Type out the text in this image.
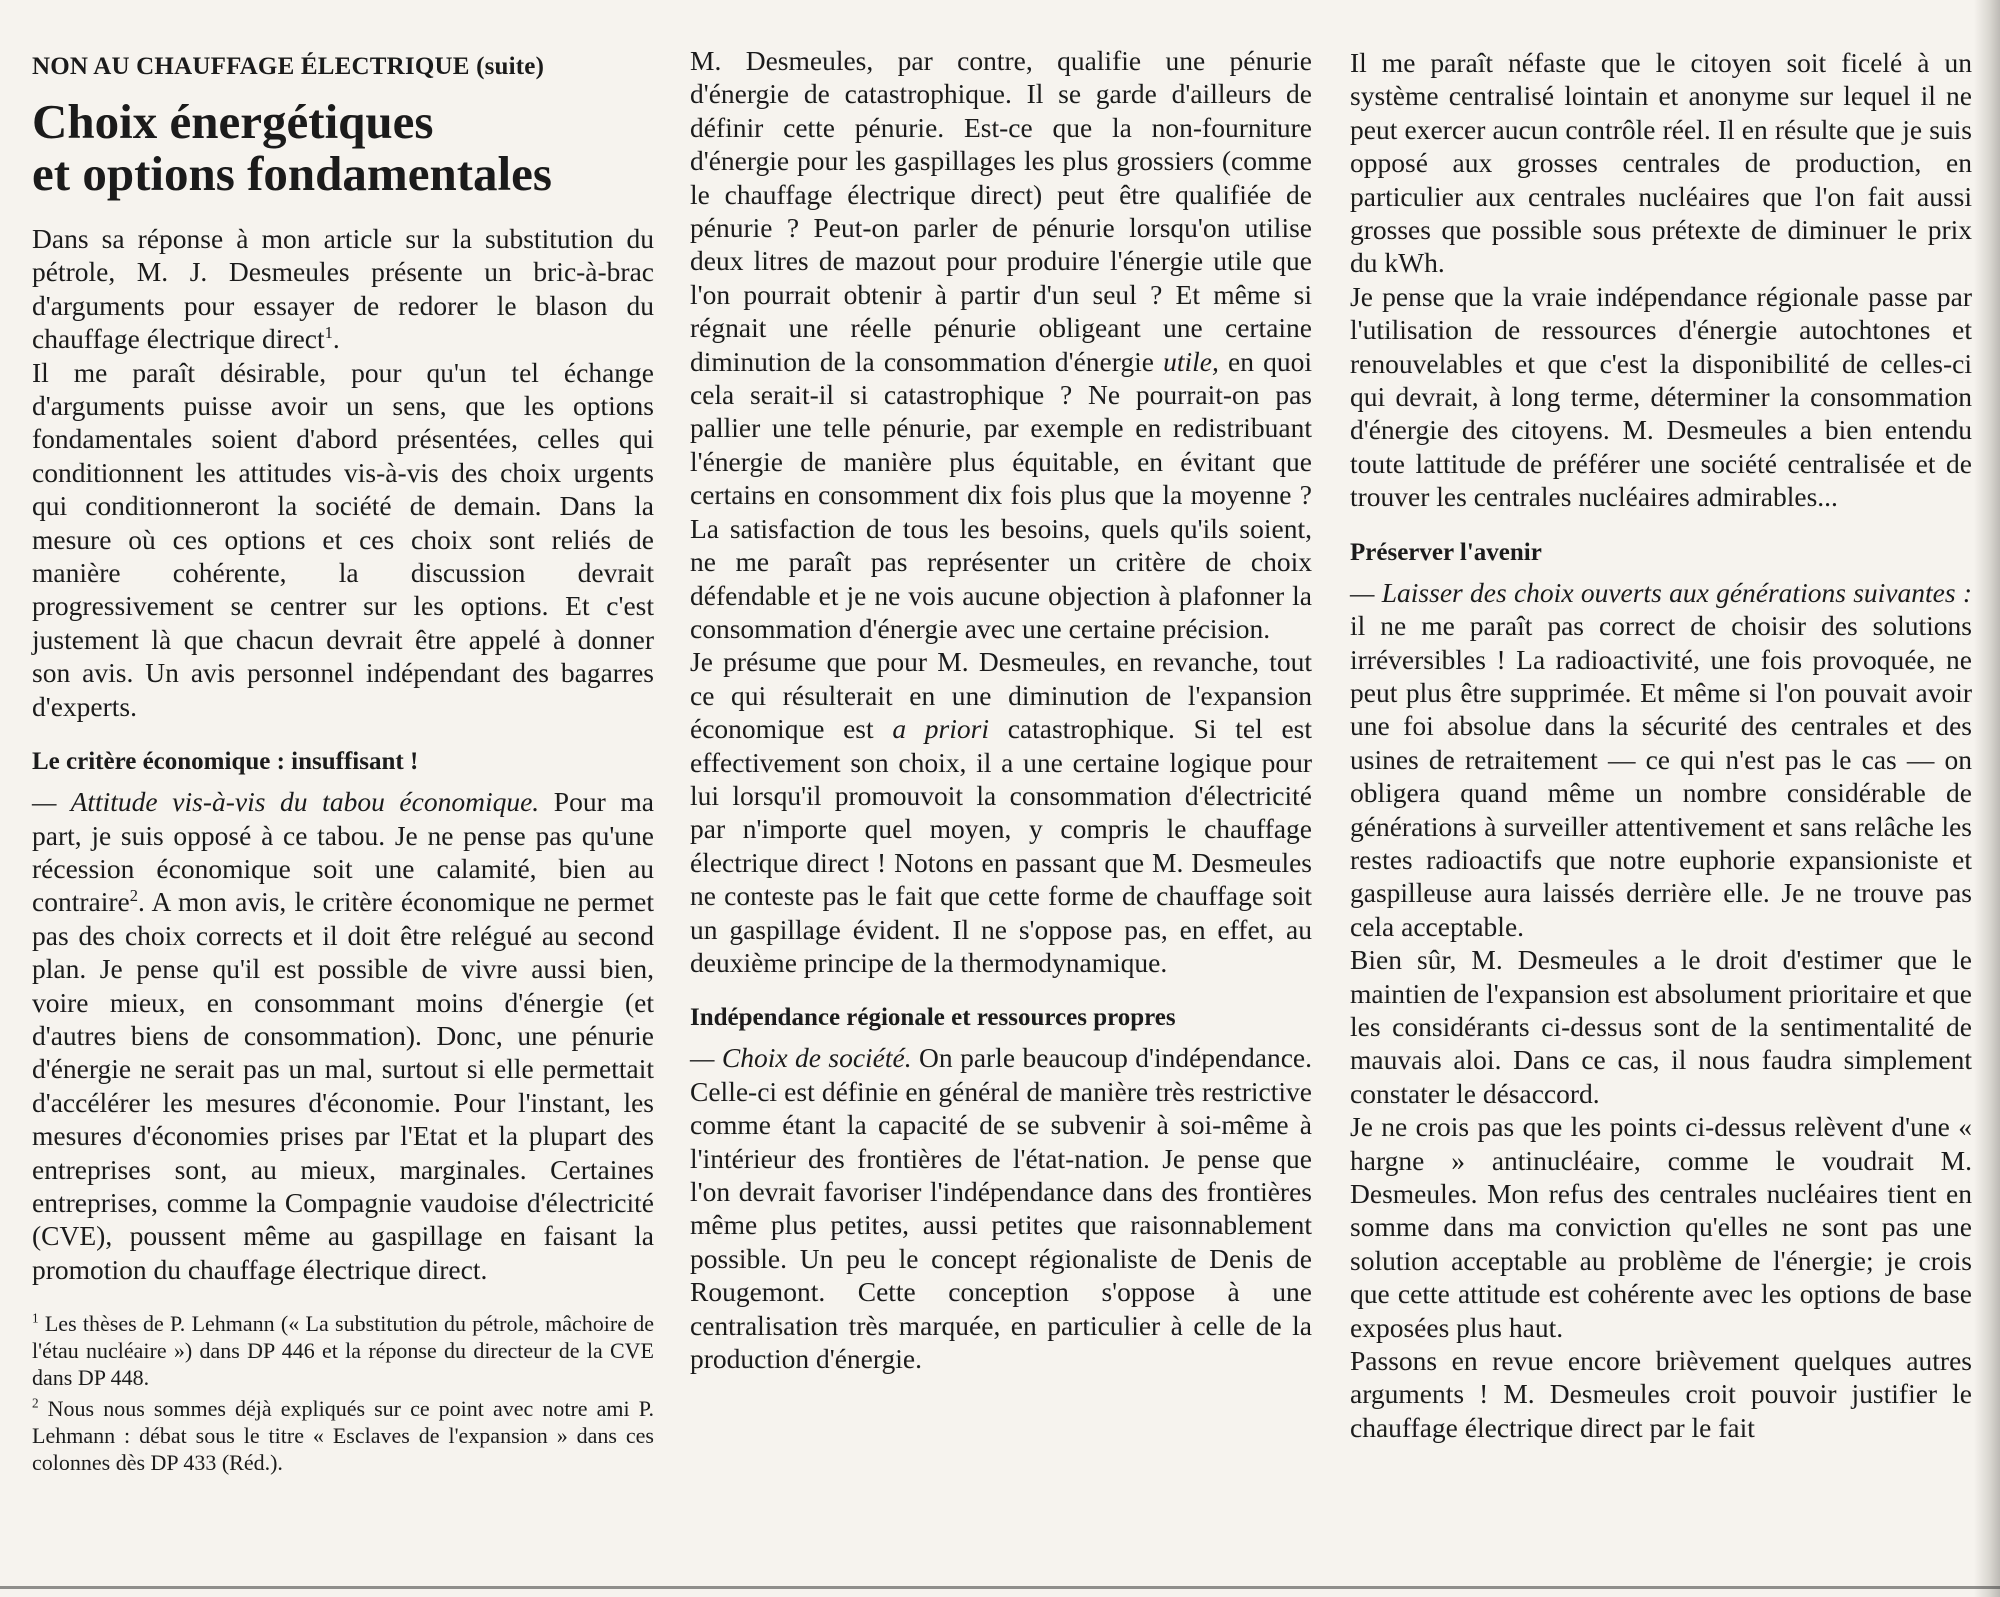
NON AU CHAUFFAGE ÉLECTRIQUE (suite)
Choix énergétiques
et options fondamentales

Dans sa réponse à mon article sur la substitution du pétrole, M. J. Desmeules présente un bric-à-brac d'arguments pour essayer de redorer le blason du chauffage électrique direct$^1$.

Il me paraît désirable, pour qu'un tel échange d'arguments puisse avoir un sens, que les options fondamentales soient d'abord présentées, celles qui conditionnent les attitudes vis-à-vis des choix urgents qui conditionneront la société de demain. Dans la mesure où ces options et ces choix sont reliés de manière cohérente, la discussion devrait progressivement se centrer sur les options. Et c'est justement là que chacun devrait être appelé à donner son avis. Un avis personnel indépendant des bagarres d'experts.

Le critère économique : insuffisant !

— Attitude vis-à-vis du tabou économique. Pour ma part, je suis opposé à ce tabou. Je ne pense pas qu'une récession économique soit une calamité, bien au contraire$^2$. A mon avis, le critère économique ne permet pas des choix corrects et il doit être relégué au second plan. Je pense qu'il est possible de vivre aussi bien, voire mieux, en consommant moins d'énergie (et d'autres biens de consommation). Donc, une pénurie d'énergie ne serait pas un mal, surtout si elle permettait d'accélérer les mesures d'économie. Pour l'instant, les mesures d'économies prises par l'Etat et la plupart des entreprises sont, au mieux, marginales. Certaines entreprises, comme la Compagnie vaudoise d'électricité (CVE), poussent même au gaspillage en faisant la promotion du chauffage électrique direct.

$^1$ Les thèses de P. Lehmann (« La substitution du pétrole, mâchoire de l'étau nucléaire ») dans DP 446 et la réponse du directeur de la CVE dans DP 448.

$^2$ Nous nous sommes déjà expliqués sur ce point avec notre ami P. Lehmann : débat sous le titre « Esclaves de l'expansion » dans ces colonnes dès DP 433 (Réd.).

M. Desmeules, par contre, qualifie une pénurie d'énergie de catastrophique. Il se garde d'ailleurs de définir cette pénurie. Est-ce que la non-fourniture d'énergie pour les gaspillages les plus grossiers (comme le chauffage électrique direct) peut être qualifiée de pénurie ? Peut-on parler de pénurie lorsqu'on utilise deux litres de mazout pour produire l'énergie utile que l'on pourrait obtenir à partir d'un seul ? Et même si régnait une réelle pénurie obligeant une certaine diminution de la consommation d'énergie utile, en quoi cela serait-il si catastrophique ? Ne pourrait-on pas pallier une telle pénurie, par exemple en redistribuant l'énergie de manière plus équitable, en évitant que certains en consomment dix fois plus que la moyenne ? La satisfaction de tous les besoins, quels qu'ils soient, ne me paraît pas représenter un critère de choix défendable et je ne vois aucune objection à plafonner la consommation d'énergie avec une certaine précision.

Je présume que pour M. Desmeules, en revanche, tout ce qui résulterait en une diminution de l'expansion économique est a priori catastrophique. Si tel est effectivement son choix, il a une certaine logique pour lui lorsqu'il promouvoit la consommation d'électricité par n'importe quel moyen, y compris le chauffage électrique direct ! Notons en passant que M. Desmeules ne conteste pas le fait que cette forme de chauffage soit un gaspillage évident. Il ne s'oppose pas, en effet, au deuxième principe de la thermodynamique.

Indépendance régionale et ressources propres

— Choix de société. On parle beaucoup d'indépendance. Celle-ci est définie en général de manière très restrictive comme étant la capacité de se subvenir à soi-même à l'intérieur des frontières de l'état-nation. Je pense que l'on devrait favoriser l'indépendance dans des frontières même plus petites, aussi petites que raisonnablement possible. Un peu le concept régionaliste de Denis de Rougemont. Cette conception s'oppose à une centralisation très marquée, en particulier à celle de la production d'énergie.

Il me paraît néfaste que le citoyen soit ficelé à un système centralisé lointain et anonyme sur lequel il ne peut exercer aucun contrôle réel. Il en résulte que je suis opposé aux grosses centrales de production, en particulier aux centrales nucléaires que l'on fait aussi grosses que possible sous prétexte de diminuer le prix du kWh.

Je pense que la vraie indépendance régionale passe par l'utilisation de ressources d'énergie autochtones et renouvelables et que c'est la disponibilité de celles-ci qui devrait, à long terme, déterminer la consommation d'énergie des citoyens. M. Desmeules a bien entendu toute lattitude de préférer une société centralisée et de trouver les centrales nucléaires admirables...

Préserver l'avenir

— Laisser des choix ouverts aux générations suivantes : il ne me paraît pas correct de choisir des solutions irréversibles ! La radioactivité, une fois provoquée, ne peut plus être supprimée. Et même si l'on pouvait avoir une foi absolue dans la sécurité des centrales et des usines de retraitement — ce qui n'est pas le cas — on obligera quand même un nombre considérable de générations à surveiller attentivement et sans relâche les restes radioactifs que notre euphorie expansioniste et gaspilleuse aura laissés derrière elle. Je ne trouve pas cela acceptable.

Bien sûr, M. Desmeules a le droit d'estimer que le maintien de l'expansion est absolument prioritaire et que les considérants ci-dessus sont de la sentimentalité de mauvais aloi. Dans ce cas, il nous faudra simplement constater le désaccord.

Je ne crois pas que les points ci-dessus relèvent d'une « hargne » antinucléaire, comme le voudrait M. Desmeules. Mon refus des centrales nucléaires tient en somme dans ma conviction qu'elles ne sont pas une solution acceptable au problème de l'énergie; je crois que cette attitude est cohérente avec les options de base exposées plus haut.

Passons en revue encore brièvement quelques autres arguments ! M. Desmeules croit pouvoir justifier le chauffage électrique direct par le fait
